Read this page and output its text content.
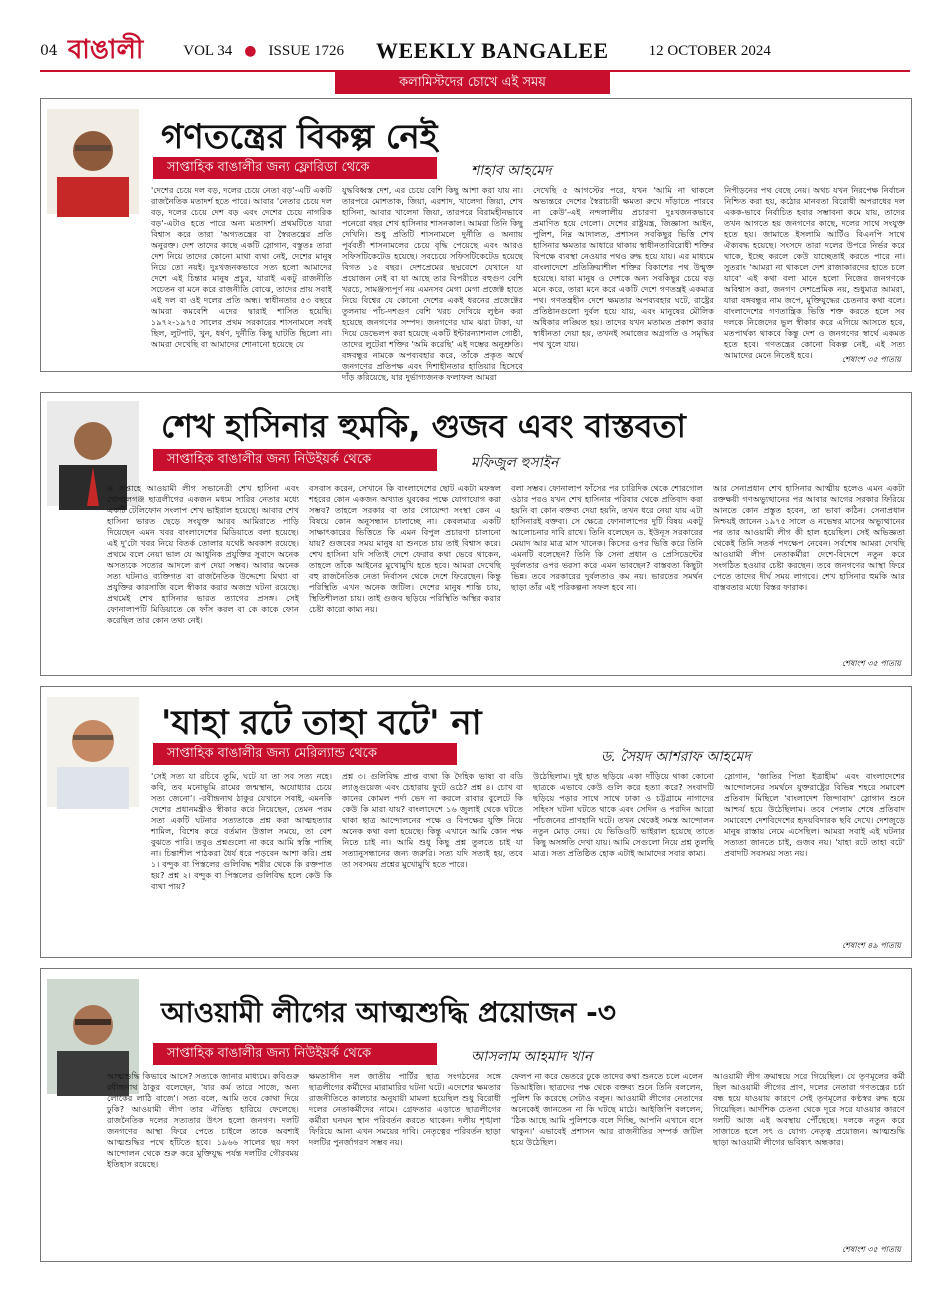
04 বাঙালী	VOL 34 ● ISSUE 1726 WEEKLY BANGALEE	12 OCTOBER 2024
কলামিস্টদের চোখে এই সময়
গণতন্ত্রের বিকল্প নেই
সাপ্তাহিক বাঙালীর জন্য ফ্লোরিডা থেকে	শাহাব আহমেদ
'দেশের চেয়ে দল বড়, দলের চেয়ে নেতা বড়'-এটি একটি রাজনৈতিক মতাদর্শ হতে পারে। আবার 'নেতার চেয়ে দল বড়, দলের চেয়ে দেশ বড় এবং দেশের চেয়ে নাগরিক বড়'-এটাও হতে পারে অন্য মতাদর্শ। প্রথমটিতে যারা বিশ্বাস করে তারা 'অগ্যতন্ত্রের বা স্বৈরতন্ত্রের প্রতি অনুরক্ত। দেশ তাদের কাছে একটি স্লোগান, বস্তুতঃ তারা দেশ নিয়ে তাদের কোনো মাথা ব্যথা নেই, দেশের মানুষ নিয়ে তো নয়ই। দুঃখজনকভাবে সত্য হলো আমাদের দেশে এই চিন্তার মানুষ প্রচুর, যারাই একটু রাজনীতি সচেতন বা মনে করে রাজনীতি বোঝে, তাদের প্রায় সবাই এই দল বা ওই দলের প্রতি অন্ধ। স্বাধীনতার ৫৩ বছরে আমরা কমবেশি এদের দ্বারাই শাসিত হয়েছি। ১৯৭২-১৯৭৫ সালের প্রথম সরকারের শাসনামলে সবই ছিল, লুটপাট, খুন, ধর্ষণ, দুর্নীতি কিছু ঘাটতি ছিলো না। আমরা দেখেছি বা আমাদের শোনানো হয়েছে যে
যুদ্ধবিধ্বস্ত দেশ, এর চেয়ে বেশি কিছু আশা করা যায় না। তারপরে মোশতাক, জিয়া, এরশাদ, খালেদা জিয়া, শেখ হাসিনা, আবার খালেদা জিয়া, তারপরে বিরামহীনভাবে পনেরো বছর শেখ হাসিনার শাসনকাল। আমরা তিনি কিছু দেখিনি। শুধু প্রতিটি শাসনামলে দুর্নীতি ও অন্যায় পূর্ববর্তী শাসনামলের চেয়ে বৃদ্ধি পেয়েছে এবং আরও সফিসটিকেটেড হয়েছে। সবচেয়ে সফিসটিকেটেড হয়েছে বিগত ১৫ বছর। দেশপ্রেমের ছদ্মবেশে যেখানে যা প্রয়োজন নেই বা যা আছে তার বিপরীতে বহুগুণ বেশি খরচে, সামঞ্জস্যপূর্ণ নয় এমনসব মেগা মেগা প্রজেক্ট হাতে নিয়ে বিশ্বের যে কোনো দেশের একই ধরনের প্রজেক্টের তুলনায় পাঁচ-দশগুণ বেশি খরচ দেখিয়ে লুণ্ঠন করা হয়েছে জনগণের সম্পদ। জনগণের ঘাম ঝরা টাকা, যা দিয়ে ডেভেলপ করা হয়েছে একটি ইন্টারন্যাশনাল গোষ্ঠী, তাদের লুটেরা শক্তির 'অমি করেছি' এই দম্ভের অনুশ্রুতি। বঙ্গবন্ধুর নামকে অপব্যবহার করে, তাঁকে প্রকৃত অর্থে জনগণের প্রতিপক্ষ এবং দিশাহীনতার হাতিয়ার হিসেবে দাঁড় করিয়েছে, যার দুর্ভাগ্যজনক ফলাফল আমরা
দেখেছি ৫ আগস্টের পরে, যখন 'আমি না থাকলে অভ্যন্তরে দেশের স্বৈরাচারী ক্ষমতা রুখে দাঁড়াতে পারবে না কেউ'-এই নন্দলালীয় প্রচারণা দুঃখজনকভাবে প্রমাণিত হয়ে গেলো। দেশের রাষ্ট্রযন্ত্র, জিজ্ঞাসা আইন, পুলিশ, নিম্ন আদালত, প্রশাসন সবকিছুর ভিত্তি শেখ হাসিনার ক্ষমতার আধারে থাকায় স্বাধীনতাবিরোধী শক্তির বিপক্ষে ব্যবস্থা নেওয়ার পথও রুদ্ধ হয়ে যায়। এর মাধ্যমে বাংলাদেশে প্রতিক্রিয়াশীল শক্তির বিকাশের পথ উন্মুক্ত হয়েছে। যারা মানুষ ও দেশকে অন্য সবকিছুর চেয়ে বড় মনে করে, তারা মনে করে একটি দেশে গণতন্ত্রই একমাত্র পথ। গণতন্ত্রহীন দেশে ক্ষমতার অপব্যবহার ঘটে, রাষ্ট্রের প্রতিষ্ঠানগুলো দুর্বল হয়ে যায়, এবং মানুষের মৌলিক অধিকার লঙ্ঘিত হয়। তাদের যখন মতামত প্রকাশ করার স্বাধীনতা দেয়া হয়, তখনই সমাজের অগ্রগতি ও সমৃদ্ধির পথ খুলে যায়।
নিপীড়নের পথ বেছে নেয়। অথচ যখন নিরপেক্ষ নির্বাচন নিশ্চিত করা হয়, কঠোর মানবতা বিরোধী অপরাধের দল একক-ভাবে নির্বাচিত হবার সম্ভাবনা কমে যায়, তাদের তখন আগতে হয় জনগণের কাছে, দলের সাথে সংযুক্ত হতে হয়। জামাতে ইসলামি আর্টিও বিএনপি সাথে ঐক্যবদ্ধ হয়েছে। সংসদে তারা দলের উপরে নির্ভর করে থাকে, ইচ্ছে করলে কেউ যাচ্ছেতাই করতে পারে না। সুতরাং 'আমরা না থাকলে দেশ রাজাকারদের হাতে চলে যাবে' এই কথা বলা মানে হলো নিজের জনগণকে অবিশ্বাস করা, জনগণ দেশপ্রেমিক নয়, শুধুমাত্র আমরা, যারা বঙ্গবন্ধুর নাম জপে, মুক্তিযুদ্ধের চেতনার কথা বলে। বাংলাদেশের গণতান্ত্রিক ভিত্তি শক্ত করতে হলে সব দলকে নিজেদের ভুল স্বীকার করে এগিয়ে আসতে হবে, মতপার্থক্য থাকবে কিন্তু দেশ ও জনগণের স্বার্থে একমত হতে হবে। গণতন্ত্রের কোনো বিকল্প নেই, এই সত্য আমাদের মেনে নিতেই হবে।	শেষাংশ ৩৫ পাতায়
শেখ হাসিনার হুমকি, গুজব এবং বাস্তবতা
সাপ্তাহিক বাঙালীর জন্য নিউইয়র্ক থেকে	মফিজুল হুসাইন
এ সপ্তাহে আওয়ামী লীগ সভানেত্রী শেখ হাসিনা এবং গোপালগঞ্জ ছাত্রলীগের একজন মধ্যম সারির নেতার মধ্যে একটি টেলিফোন সংলাপ শেখ ভাইরাল হয়েছে। আবার শেখ হাসিনা ভারত ছেড়ে সংযুক্ত আরব আমিরাতে পাড়ি দিয়েছেন এমন খবর বাংলাদেশের মিডিয়াতে বলা হয়েছে। এই দু'টো খবর নিয়ে বিতর্ক তোলার যথেষ্ট অবকাশ রয়েছে। প্রথমে বলে নেয়া ভাল যে আধুনিক প্রযুক্তির সুবাদে অনেক অসত্যকে সত্যের আদলে রূপ দেয়া সম্ভব। আবার অনেক সত্য ঘটনাও ব্যক্তিগত বা রাজনৈতিক উদ্দেশ্যে মিথ্যা বা প্রযুক্তির কারসাজি বলে স্বীকার করার অজস্র ঘটনা রয়েছে। প্রথমেই শেখ হাসিনার ভারত ত্যাগের প্রসঙ্গ। সেই ফোনালাপটি মিডিয়াতে কে ফাঁস করল বা কে কাকে ফোন করেছিল তার কোন তথ্য নেই।
বসবাস করেন, সেখানে কি বাংলাদেশের ছোট একটা মফস্বল শহরের কোন একজন অখ্যাত যুবকের পক্ষে যোগাযোগ করা সম্ভব? তাহলে সরকার বা তার গোয়েন্দা সংস্থা কেন এ বিষয়ে কোন অনুসন্ধান চালাচ্ছে না। কেবলমাত্র একটি সাক্ষাৎকারের ভিত্তিতে কি এমন বিপুল প্রচারণা চালানো যায়? গুজবের সময় মানুষ যা শুনতে চায় তাই বিশ্বাস করে। শেখ হাসিনা যদি সত্যিই দেশে ফেরার কথা ভেবে থাকেন, তাহলে তাঁকে আইনের মুখোমুখি হতে হবে। আমরা দেখেছি বহু রাজনৈতিক নেতা নির্বাসন থেকে দেশে ফিরেছেন। কিন্তু পরিস্থিতি এখন অনেক জটিল। দেশের মানুষ শান্তি চায়, স্থিতিশীলতা চায়। তাই গুজব ছড়িয়ে পরিস্থিতি অস্থির করার চেষ্টা কারো কাম্য নয়।
বলা সম্ভব। ফোনালাপ ফাঁসের পর চারিদিক থেকে শোরগোল ওঠার পরও যখন শেখ হাসিনার পরিবার থেকে প্রতিবাদ করা হয়নি বা কোন বক্তব্য দেয়া হয়নি, তখন ধরে নেয়া যায় এটা হাসিনারই বক্তব্য। সে ক্ষেত্রে ফোনালাপের দুটি বিষয় একটু আলোচনার দাবি রাখে। তিনি বলেছেন ড. ইউনূস সরকারের মেয়াদ আর মাত্র মাস খানেক। কিসের ওপর ভিত্তি করে তিনি এমনটি বলেছেন? তিনি কি সেনা প্রধান ও প্রেসিডেন্টের দুর্বলতার ওপর ভরসা করে এমন ভাবছেন? বাস্তবতা কিছুটা ভিন্ন। তবে সরকারের দুর্বলতাও কম নয়। ভারতের সমর্থন ছাড়া তাঁর এই পরিকল্পনা সফল হবে না।
আর সেনাপ্রধান শেখ হাসিনার আত্মীয় হলেও এমন একটা রক্তক্ষয়ী গণঅভ্যুত্থানের পর আবার আগের সরকার ফিরিয়ে আনতে কোন প্রস্তুত হবেন, তা ভাবা কঠিন। সেনাপ্রধান নিশ্চয়ই জানেন ১৯৭৫ সালে ও নভেম্বর মাসের অভ্যুত্থানের পর তার আওয়ামী লীগ কী হাল হয়েছিল। সেই অভিজ্ঞতা থেকেই তিনি সতর্ক পদক্ষেপ নেবেন। সর্বশেষ আমরা দেখছি আওয়ামী লীগ নেতাকর্মীরা দেশে-বিদেশে নতুন করে সংগঠিত হওয়ার চেষ্টা করছেন। তবে জনগণের আস্থা ফিরে পেতে তাদের দীর্ঘ সময় লাগবে। শেখ হাসিনার হুমকি আর বাস্তবতার মধ্যে বিস্তর ফারাক।
শেষাংশ ৩৫ পাতায়
'যাহা রটে তাহা বটে' না
সাপ্তাহিক বাঙালীর জন্য মেরিল্যান্ড থেকে	ড. সৈয়দ আশরাফ আহমেদ
'সেই সত্য যা রচিবে তুমি, ঘটে যা তা সব সত্য নহে। কবি, তব মনোভূমি রামের জন্মস্থান, অযোধ্যার চেয়ে সত্য জেনো'। -রবীন্দ্রনাথ ঠাকুর যেখানে সবাই, এমনকি দেশের প্রধানমন্ত্রীও স্বীকার করে নিয়েছেন, তেমন পরম সত্য একটি ঘটনার সত্যতাকে প্রশ্ন করা আত্মহত্যার শামিল, বিশেষ করে বর্তমান উত্তাল সময়ে, তা বেশ বুঝতে পারি। তবুও প্রশ্নগুলো না করে আমি স্বস্তি পাচ্ছি না। চিন্তাশীল পাঠকরা ধৈর্য ধরে পড়বেন আশা করি। প্রশ্ন ১। বন্দুক বা পিস্তলের গুলিবিদ্ধ শরীর থেকে কি রক্তপাত হয়? প্রশ্ন ২। বন্দুক বা পিস্তলের গুলিবিদ্ধ হলে কেউ কি ব্যথা পায়?
প্রশ্ন ৩। গুলিবিদ্ধ প্রাপ্ত ব্যথা কি দৈহিক ভাষা বা বডি ল্যাঙ্গুয়েজ এবং চেহারায় ফুটে ওঠে? প্রশ্ন ৪। চোখ বা কানের কোমল পর্দা ভেদ না করলে রাবার বুলেটে কি কেউ কি মারা যায়? বাংলাদেশে ১৬ জুলাই থেকে ঘটতে থাকা ছাত্র আন্দোলনের পক্ষে ও বিপক্ষের যুক্তি নিয়ে অনেক কথা বলা হয়েছে। কিন্তু এখানে আমি কোন পক্ষ নিতে চাই না। আমি শুধু কিছু প্রশ্ন তুলতে চাই যা সত্যানুসন্ধানের জন্য জরুরি। সত্য যদি সত্যই হয়, তবে তা সবসময় প্রশ্নের মুখোমুখি হতে পারে।
উঠেছিলাম। দুই হাত ছড়িয়ে একা দাঁড়িয়ে থাকা কোনো ছাত্রকে এভাবে কেউ গুলি করে হত্যা করে? সংবাদটি ছড়িয়ে পড়ার সাথে সাথে ঢাকা ও চট্টগ্রামে নাগাদের সহিংস ঘটনা ঘটতে থাকে এবং সেদিন ও পরদিন আরো পাঁচজনের প্রাণহানি ঘটে। তখন থেকেই সমস্ত আন্দোলন নতুন মোড় নেয়। যে ভিডিওটি ভাইরাল হয়েছে তাতে কিছু অসঙ্গতি দেখা যায়। আমি সেগুলো নিয়ে প্রশ্ন তুলছি মাত্র। সত্য প্রতিষ্ঠিত হোক এটাই আমাদের সবার কাম্য।
স্লোগান, 'জাতির পিতা ইত্রাহীম' এবং বাংলাদেশের আন্দোলনের সমর্থনে যুক্তরাষ্ট্রের বিভিন্ন শহরে সমাবেশ প্রতিবাদ মিছিলে 'বাংলাদেশ জিন্দাবাদ' স্লোগান শুনে আশ্চর্য হয়ে উঠেছিলাম। তবে পেলাম শেষে প্রতিবাদ সমাবেশে দেশবিদেশের হৃদয়বিদারক ছবি দেখে। দেশজুড়ে মানুষ রাস্তায় নেমে এসেছিল। আমরা সবাই এই ঘটনার সত্যতা জানতে চাই, গুজব নয়। 'যাহা রটে তাহা বটে' প্রবাদটি সবসময় সত্য নয়।
শেষাংশ ৪৯ পাতায়
আওয়ামী লীগের আত্মশুদ্ধি প্রয়োজন -৩
সাপ্তাহিক বাঙালীর জন্য নিউইয়র্ক থেকে	আসলাম আহমাদ খান
আত্মশুদ্ধি কিভাবে আসে? সত্যকে জানার মাধ্যমে। কবিগুরু রবীন্দ্রনাথ ঠাকুর বলেছেন, 'যার কর্ম তারে সাজে, অন্য লোকের লাঠি বাজে'। সত্য বলে, আমি তবে কোথা দিয়ে ঢুকি? আওয়ামী লীগ তার ঐতিহ্য হারিয়ে ফেলেছে। রাজনৈতিক দলের সত্যতার উৎস হলো জনগণ। দলটি জনগণের আস্থা ফিরে পেতে চাইলে তাকে অবশ্যই আত্মশুদ্ধির পথে হাঁটতে হবে। ১৯৬৬ সালের ছয় দফা আন্দোলন থেকে শুরু করে মুক্তিযুদ্ধ পর্যন্ত দলটির গৌরবময় ইতিহাস রয়েছে।
ক্ষমতাসীন দল জাতীয় পার্টির ছাত্র সংগঠনের সঙ্গে ছাত্রলীগের কর্মীদের মারামারির ঘটনা ঘটে। এদেশের ক্ষমতার রাজনীতিতে কালচার অনুযায়ী মামলা হয়েছিল শুধু বিরোধী দলের নেতাকর্মীদের নামে। গ্রেফতার এড়াতে ছাত্রলীগের কর্মীরা ঘনঘন স্থান পরিবর্তন করতে থাকেন। দলীয় শৃঙ্খলা ফিরিয়ে আনা এখন সময়ের দাবি। নেতৃত্বের পরিবর্তন ছাড়া দলটির পুনর্জাগরণ সম্ভব নয়।
ফেলপ না করে ভেতরে ঢুকে তাদের কথা শুনতে চলে এলেন ডিআইজি। ছাত্রদের পক্ষ থেকে বক্তব্য শুনে তিনি বললেন, পুলিশ কি করেছে সেটাও বলুন। আওয়ামী লীগের নেতাদের অনেকেই জানতেন না কি ঘটছে মাঠে। আইজিপি বললেন, 'ঠিক আছে আমি পুলিশকে বলে দিচ্ছি, আপনি এখানে বসে থাকুন।' এভাবেই প্রশাসন আর রাজনীতির সম্পর্ক জটিল হয়ে উঠেছিল।
আওয়ামী লীগ ক্রমান্বয়ে সরে গিয়েছিল। যে তৃণমূলের কর্মী ছিল আওয়ামী লীগের প্রাণ, দলের নেতারা গণতন্ত্রের চর্চা বন্ধ হয়ে যাওয়ায় কারণে সেই তৃণমূলের কণ্ঠস্বর রুদ্ধ হয়ে গিয়েছিল। আর্দশিক চেতনা থেকে দূরে সরে যাওয়ার কারণে দলটি আজ এই অবস্থায় পৌঁছেছে। দলকে নতুন করে সাজাতে হলে সৎ ও যোগ্য নেতৃত্ব প্রয়োজন। আত্মশুদ্ধি ছাড়া আওয়ামী লীগের ভবিষ্যৎ অন্ধকার।
শেষাংশ ৩৫ পাতায়
